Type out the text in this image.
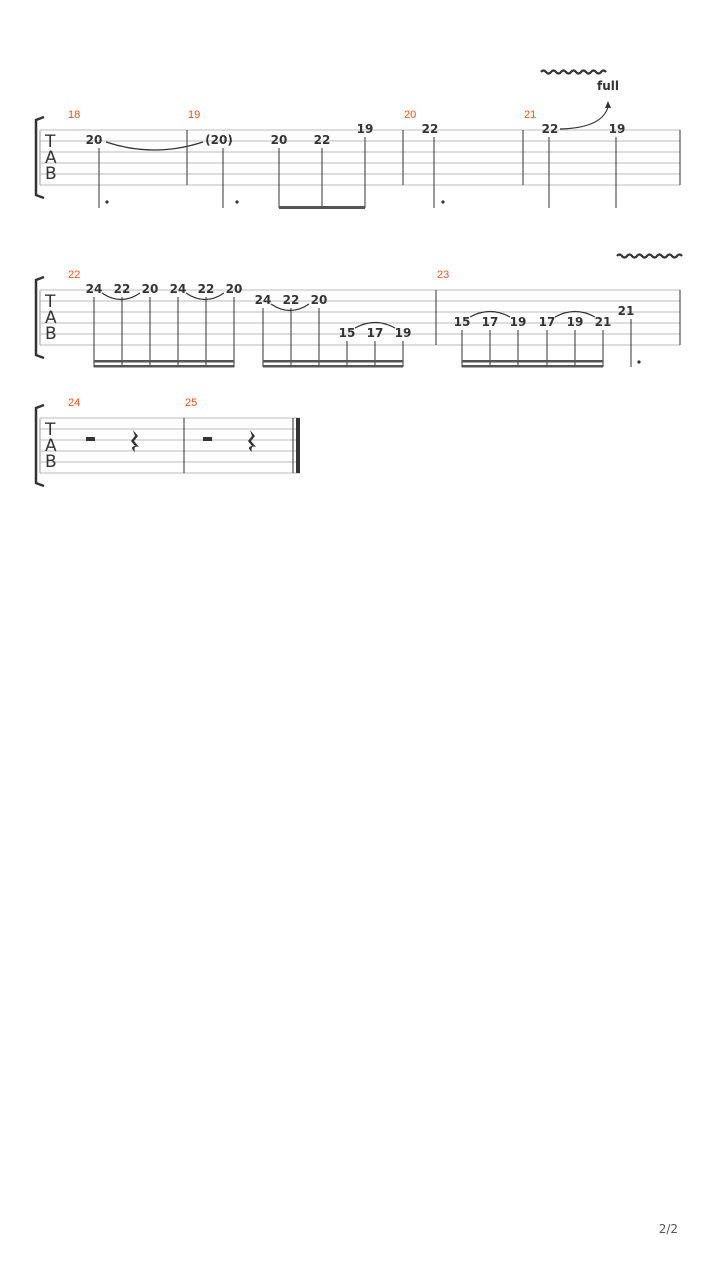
T
A
B
18	19	20	21
20	(20)	20 22
19	22	22	19
full
T
A
B
22	23
24 22 20 24 22 20
24 22 20
15 17 19
15 17 19 17 19 21
21
T
A
B
24	25
2/2
